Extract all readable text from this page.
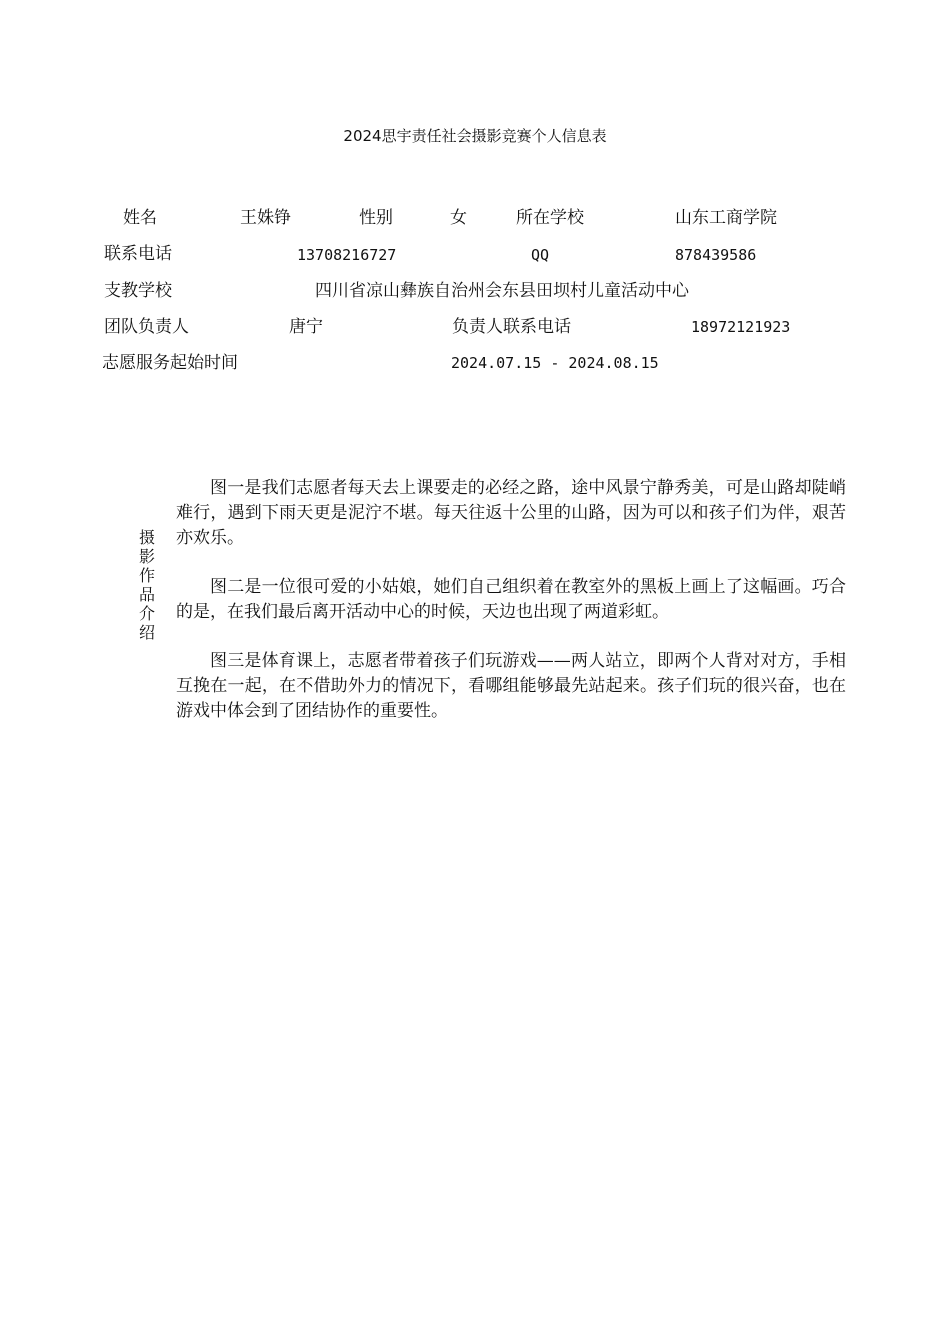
2024思宇责任社会摄影竞赛个人信息表
姓名	王姝铮	性别	女	所在学校	山东工商学院
联系电话	13708216727	QQ	878439586
支教学校	四川省凉山彝族自治州会东县田坝村儿童活动中心
团队负责人	唐宁	负责人联系电话	18972121923
志愿服务起始时间	2024.07.15 - 2024.08.15
摄
影
作
品
介
绍

图一是我们志愿者每天去上课要走的必经之路，途中风景宁静秀美，可是山路却陡峭难行，遇到下雨天更是泥泞不堪。每天往返十公里的山路，因为可以和孩子们为伴，艰苦亦欢乐。

图二是一位很可爱的小姑娘，她们自己组织着在教室外的黑板上画上了这幅画。巧合的是，在我们最后离开活动中心的时候，天边也出现了两道彩虹。

图三是体育课上，志愿者带着孩子们玩游戏——两人站立，即两个人背对对方，手相互挽在一起，在不借助外力的情况下，看哪组能够最先站起来。孩子们玩的很兴奋，也在游戏中体会到了团结协作的重要性。
